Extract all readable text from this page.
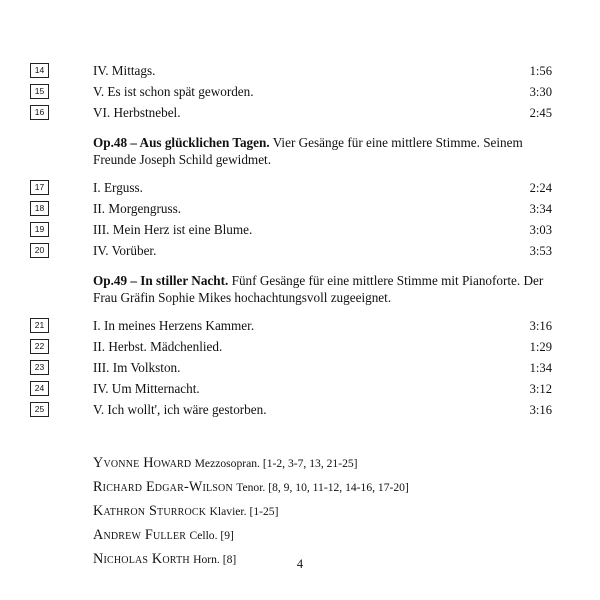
14	IV. Mittags.	1:56
15	V. Es ist schon spät geworden.	3:30
16	VI. Herbstnebel.	2:45
Op.48 – Aus glücklichen Tagen. Vier Gesänge für eine mittlere Stimme. Seinem Freunde Joseph Schild gewidmet.
17	I. Erguss.	2:24
18	II. Morgengruss.	3:34
19	III. Mein Herz ist eine Blume.	3:03
20	IV. Vorüber.	3:53
Op.49 – In stiller Nacht. Fünf Gesänge für eine mittlere Stimme mit Pianoforte. Der Frau Gräfin Sophie Mikes hochachtungsvoll zugeeignet.
21	I. In meines Herzens Kammer.	3:16
22	II. Herbst. Mädchenlied.	1:29
23	III. Im Volkston.	1:34
24	IV. Um Mitternacht.	3:12
25	V. Ich wollt', ich wäre gestorben.	3:16
Yvonne Howard Mezzosopran. [1-2, 3-7, 13, 21-25]
Richard Edgar-Wilson Tenor. [8, 9, 10, 11-12, 14-16, 17-20]
Kathron Sturrock Klavier. [1-25]
Andrew Fuller Cello. [9]
Nicholas Korth Horn. [8]	4
